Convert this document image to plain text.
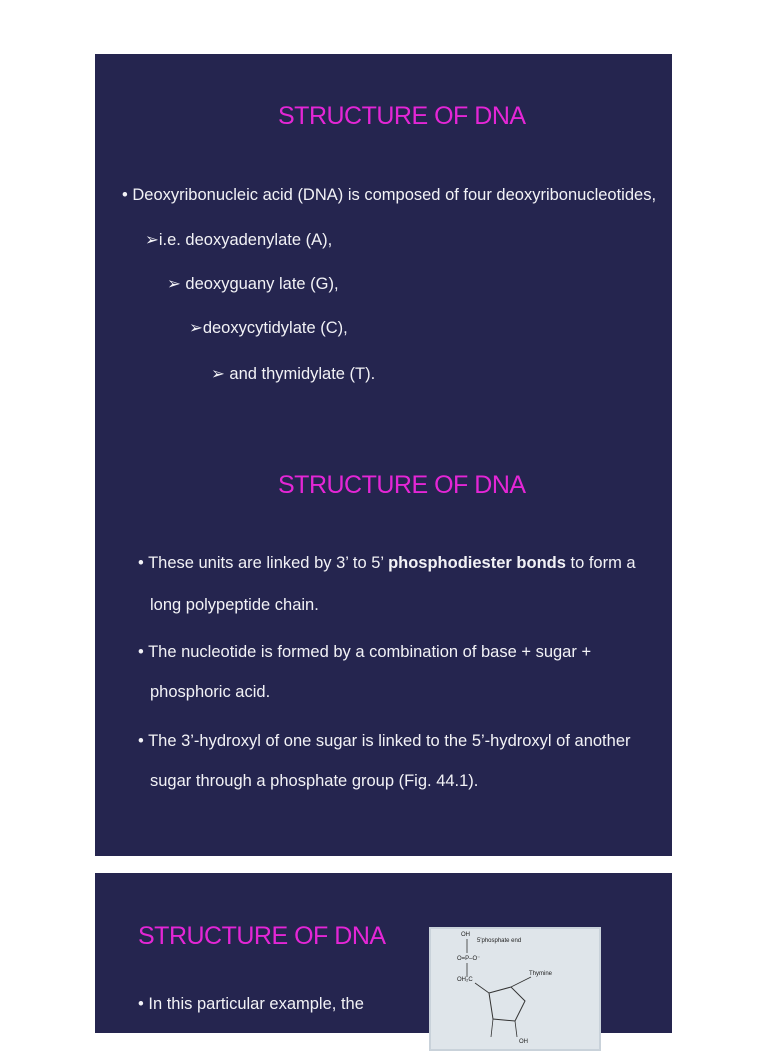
STRUCTURE OF DNA
• Deoxyribonucleic acid (DNA) is composed of four deoxyribonucleotides,
➢i.e. deoxyadenylate (A),
➢ deoxyguany late (G),
➢deoxycytidylate (C),
➢ and thymidylate (T).
STRUCTURE OF DNA
• These units are linked by 3’ to 5’ phosphodiester bonds to form a
long polypeptide chain.
• The nucleotide is formed by a combination of base + sugar +
phosphoric acid.
• The 3’-hydroxyl of one sugar is linked to the 5’-hydroxyl of another
sugar through a phosphate group (Fig. 44.1).
STRUCTURE OF DNA
• In this particular example, the
OH
5'phosphate end
O=P–O⁻
OH₂C
Thymine
OH
